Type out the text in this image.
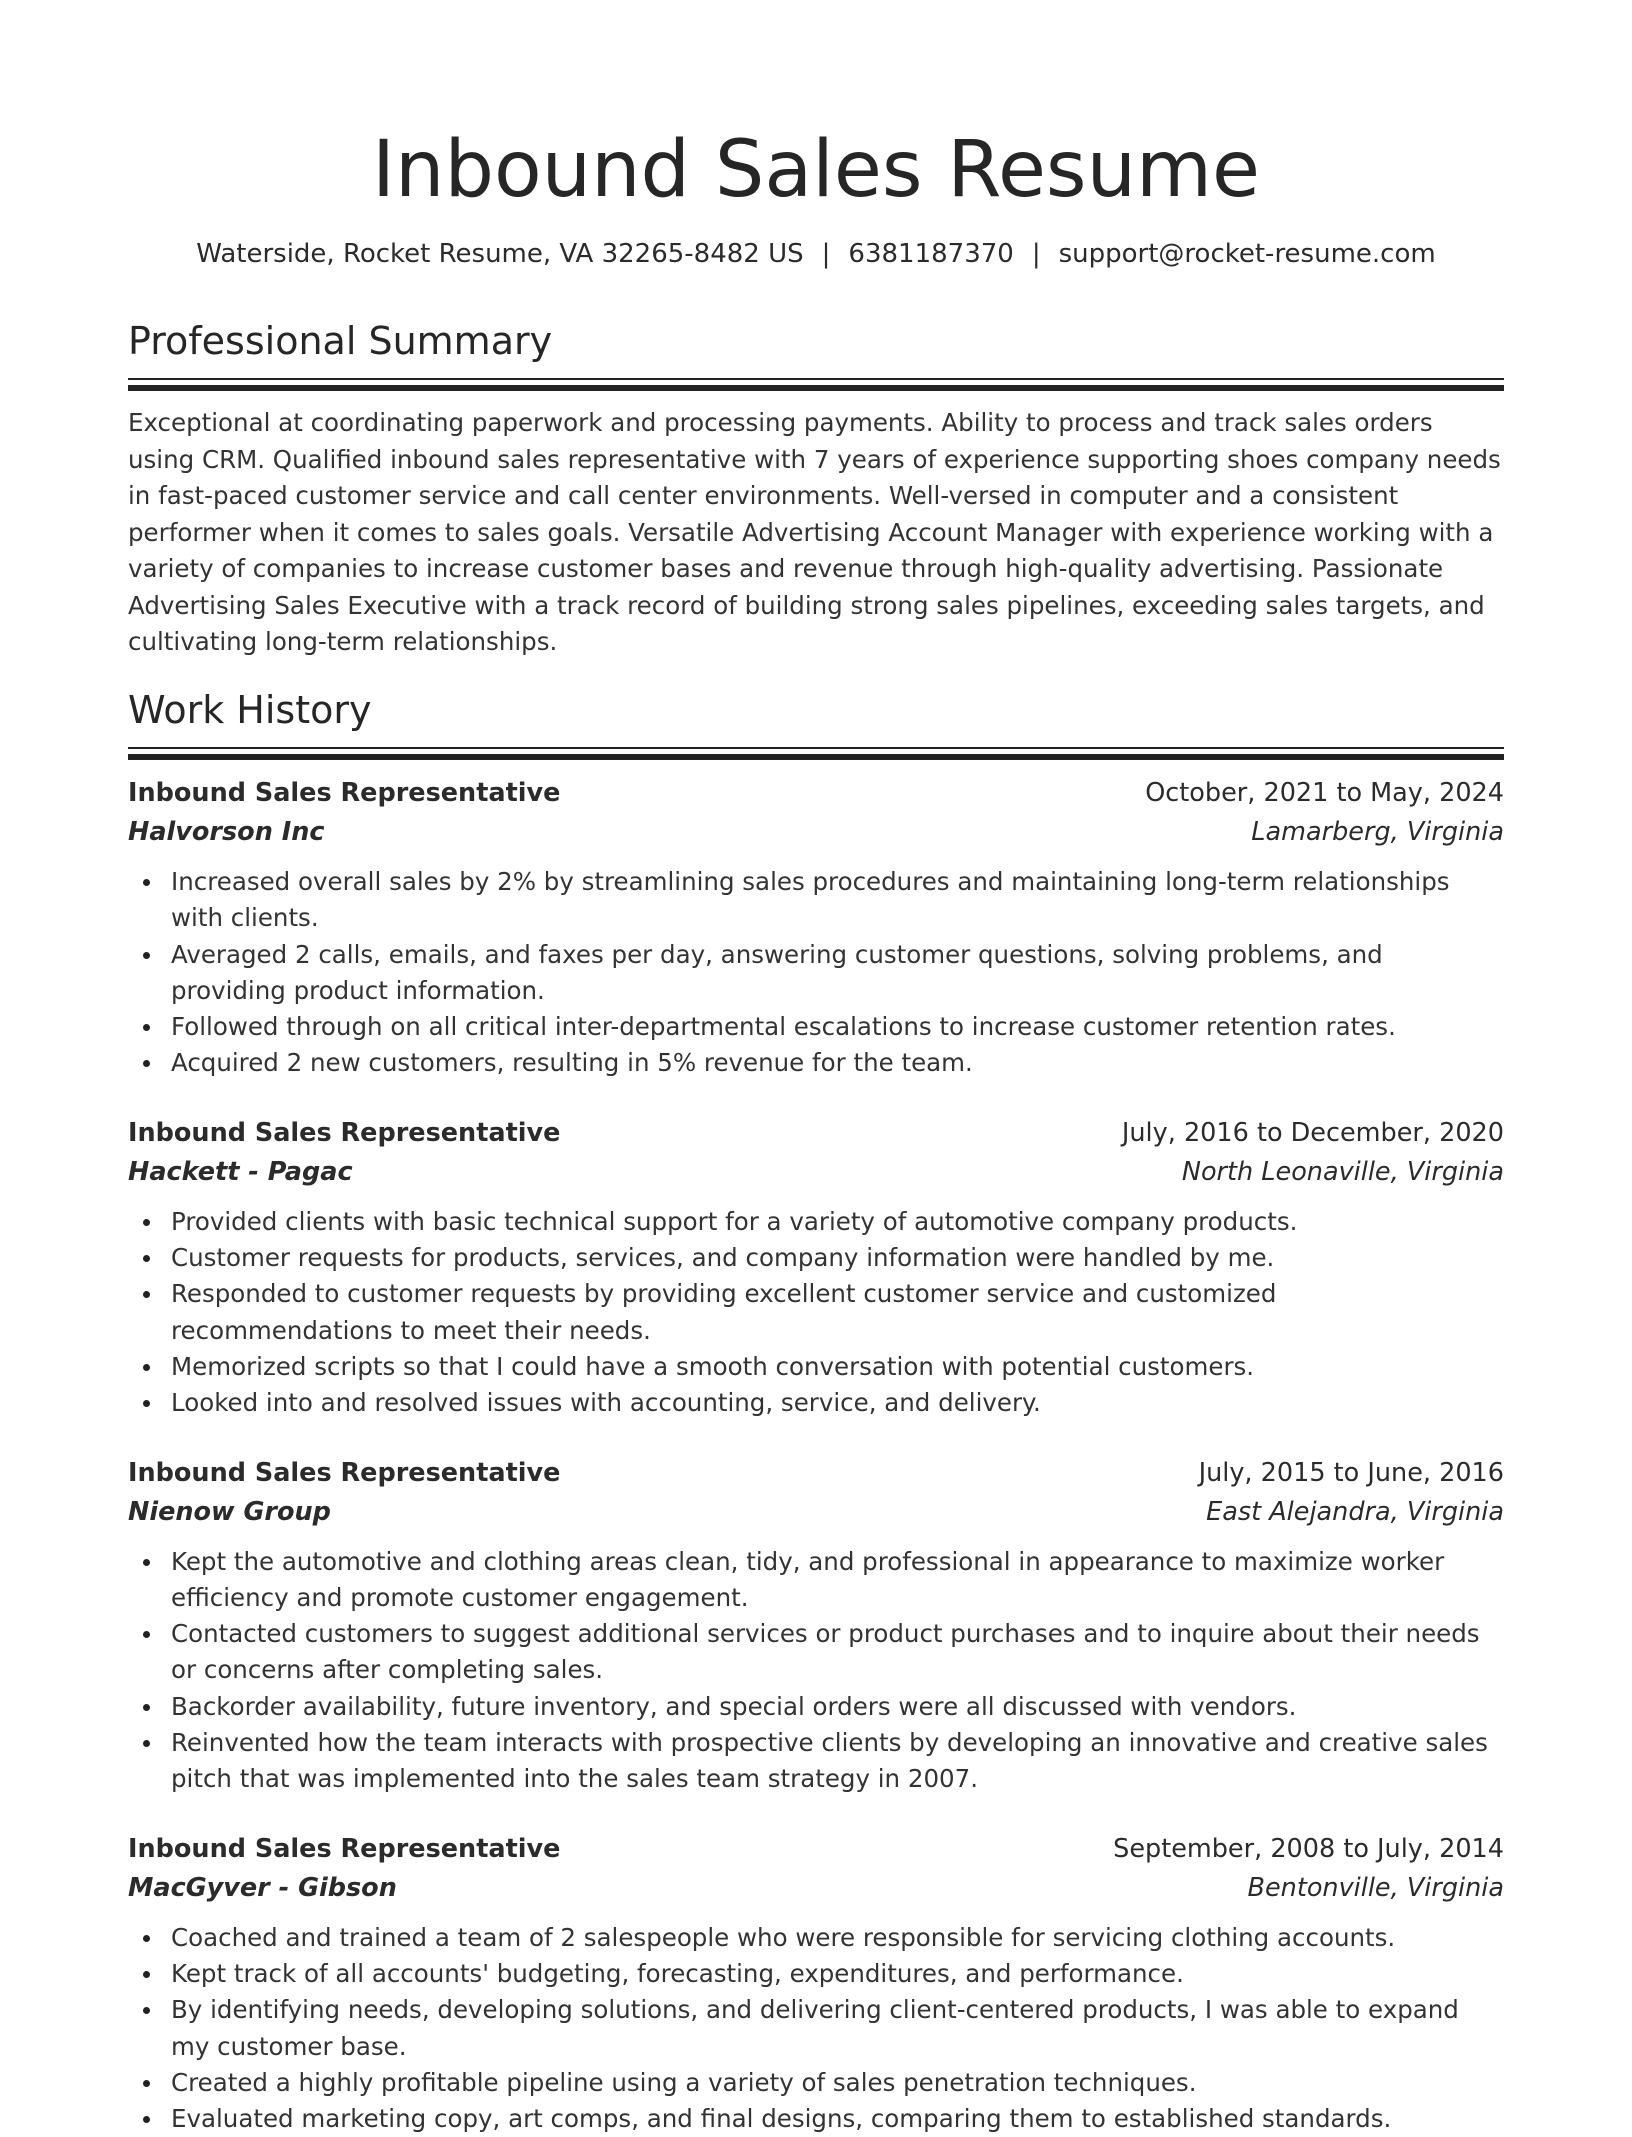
Inbound Sales Resume
Waterside, Rocket Resume, VA 32265-8482 US | 6381187370 | support@rocket-resume.com
Professional Summary

Exceptional at coordinating paperwork and processing payments. Ability to process and track sales orders using CRM. Qualified inbound sales representative with 7 years of experience supporting shoes company needs in fast-paced customer service and call center environments. Well-versed in computer and a consistent performer when it comes to sales goals. Versatile Advertising Account Manager with experience working with a variety of companies to increase customer bases and revenue through high-quality advertising. Passionate Advertising Sales Executive with a track record of building strong sales pipelines, exceeding sales targets, and cultivating long-term relationships.

Work History
Inbound Sales Representative	October, 2021 to May, 2024
Halvorson Inc	Lamarberg, Virginia
Increased overall sales by 2% by streamlining sales procedures and maintaining long-term relationships with clients.
Averaged 2 calls, emails, and faxes per day, answering customer questions, solving problems, and providing product information.
Followed through on all critical inter-departmental escalations to increase customer retention rates.
Acquired 2 new customers, resulting in 5% revenue for the team.
Inbound Sales Representative	July, 2016 to December, 2020
Hackett - Pagac	North Leonaville, Virginia
Provided clients with basic technical support for a variety of automotive company products.
Customer requests for products, services, and company information were handled by me.
Responded to customer requests by providing excellent customer service and customized recommendations to meet their needs.
Memorized scripts so that I could have a smooth conversation with potential customers.
Looked into and resolved issues with accounting, service, and delivery.
Inbound Sales Representative	July, 2015 to June, 2016
Nienow Group	East Alejandra, Virginia
Kept the automotive and clothing areas clean, tidy, and professional in appearance to maximize worker efficiency and promote customer engagement.
Contacted customers to suggest additional services or product purchases and to inquire about their needs or concerns after completing sales.
Backorder availability, future inventory, and special orders were all discussed with vendors.
Reinvented how the team interacts with prospective clients by developing an innovative and creative sales pitch that was implemented into the sales team strategy in 2007.
Inbound Sales Representative	September, 2008 to July, 2014
MacGyver - Gibson	Bentonville, Virginia
Coached and trained a team of 2 salespeople who were responsible for servicing clothing accounts.
Kept track of all accounts' budgeting, forecasting, expenditures, and performance.
By identifying needs, developing solutions, and delivering client-centered products, I was able to expand my customer base.
Created a highly profitable pipeline using a variety of sales penetration techniques.
Evaluated marketing copy, art comps, and final designs, comparing them to established standards.
